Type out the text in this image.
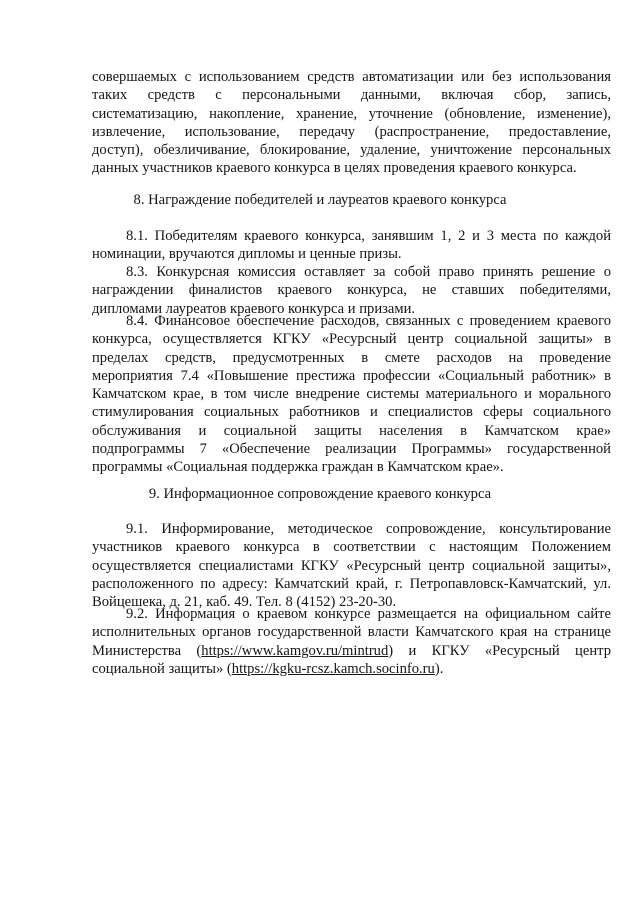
совершаемых с использованием средств автоматизации или без использования
таких средств с персональными данными, включая сбор, запись,
систематизацию, накопление, хранение, уточнение (обновление, изменение),
извлечение, использование, передачу (распространение, предоставление,
доступ), обезличивание, блокирование, удаление, уничтожение персональных
данных участников краевого конкурса в целях проведения краевого конкурса.
8. Награждение победителей и лауреатов краевого конкурса
8.1. Победителям краевого конкурса, занявшим 1, 2 и 3 места по каждой
номинации, вручаются дипломы и ценные призы.
8.3. Конкурсная комиссия оставляет за собой право принять решение о
награждении финалистов краевого конкурса, не ставших победителями,
дипломами лауреатов краевого конкурса и призами.
8.4. Финансовое обеспечение расходов, связанных с проведением краевого
конкурса, осуществляется КГКУ «Ресурсный центр социальной защиты» в
пределах средств, предусмотренных в смете расходов на проведение
мероприятия 7.4 «Повышение престижа профессии «Социальный работник» в
Камчатском крае, в том числе внедрение системы материального и морального
стимулирования социальных работников и специалистов сферы социального
обслуживания и социальной защиты населения в Камчатском крае»
подпрограммы 7 «Обеспечение реализации Программы» государственной
программы «Социальная поддержка граждан в Камчатском крае».
9. Информационное сопровождение краевого конкурса
9.1. Информирование, методическое сопровождение, консультирование
участников краевого конкурса в соответствии с настоящим Положением
осуществляется специалистами КГКУ «Ресурсный центр социальной защиты»,
расположенного по адресу: Камчатский край, г. Петропавловск-Камчатский, ул.
Войцешека, д. 21, каб. 49. Тел. 8 (4152) 23-20-30.
9.2. Информация о краевом конкурсе размещается на официальном сайте
исполнительных органов государственной власти Камчатского края на странице
Министерства (https://www.kamgov.ru/mintrud) и КГКУ «Ресурсный центр
социальной защиты» (https://kgku-rcsz.kamch.socinfo.ru).
